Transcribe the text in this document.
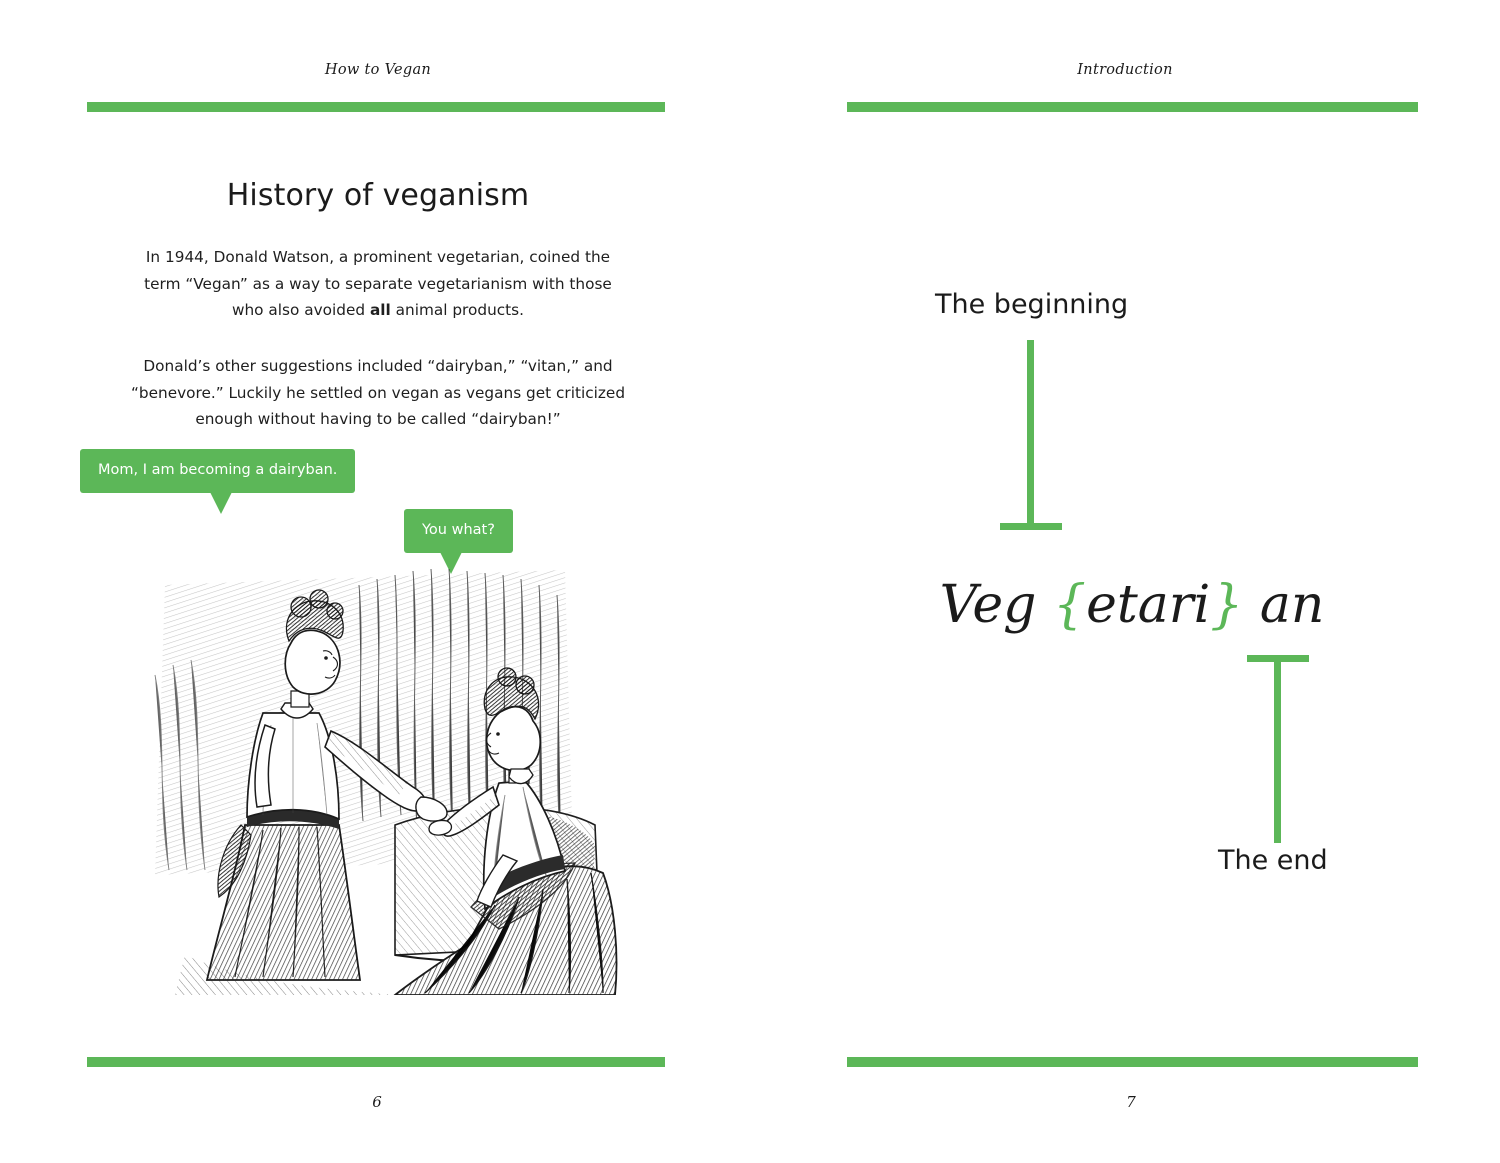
How to Vegan
History of veganism

In 1944, Donald Watson, a prominent vegetarian, coined the term “Vegan” as a way to separate vegetarianism with those who also avoided all animal products.

Donald’s other suggestions included “dairyban,” “vitan,” and “benevore.” Luckily he settled on vegan as vegans get criticized enough without having to be called “dairyban!”

Mom, I am becoming a dairyban.
You what?
6
Introduction
The beginning
Veg {etari} an
The end
7
